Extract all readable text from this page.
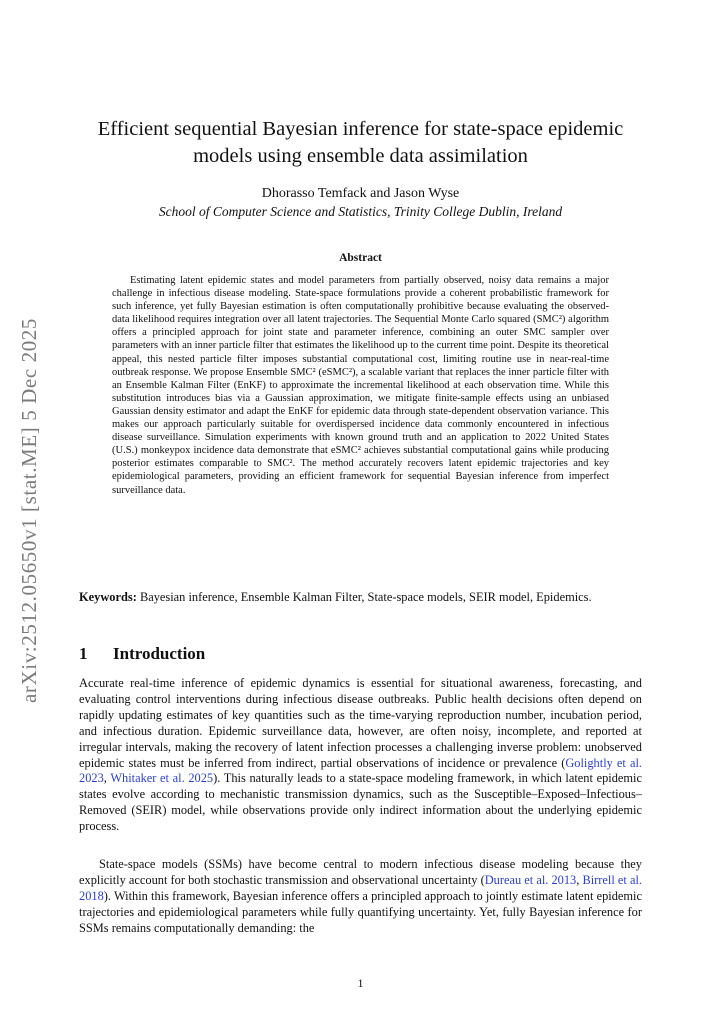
arXiv:2512.05650v1 [stat.ME] 5 Dec 2025
Efficient sequential Bayesian inference for state-space epidemic models using ensemble data assimilation
Dhorasso Temfack and Jason Wyse
School of Computer Science and Statistics, Trinity College Dublin, Ireland
Abstract

Estimating latent epidemic states and model parameters from partially observed, noisy data remains a major challenge in infectious disease modeling. State-space formulations provide a coherent probabilistic framework for such inference, yet fully Bayesian estimation is often computationally prohibitive because evaluating the observed-data likelihood requires integration over all latent trajectories. The Sequential Monte Carlo squared (SMC²) algorithm offers a principled approach for joint state and parameter inference, combining an outer SMC sampler over parameters with an inner particle filter that estimates the likelihood up to the current time point. Despite its theoretical appeal, this nested particle filter imposes substantial computational cost, limiting routine use in near-real-time outbreak response. We propose Ensemble SMC² (eSMC²), a scalable variant that replaces the inner particle filter with an Ensemble Kalman Filter (EnKF) to approximate the incremental likelihood at each observation time. While this substitution introduces bias via a Gaussian approximation, we mitigate finite-sample effects using an unbiased Gaussian density estimator and adapt the EnKF for epidemic data through state-dependent observation variance. This makes our approach particularly suitable for overdispersed incidence data commonly encountered in infectious disease surveillance. Simulation experiments with known ground truth and an application to 2022 United States (U.S.) monkeypox incidence data demonstrate that eSMC² achieves substantial computational gains while producing posterior estimates comparable to SMC². The method accurately recovers latent epidemic trajectories and key epidemiological parameters, providing an efficient framework for sequential Bayesian inference from imperfect surveillance data.

Keywords: Bayesian inference, Ensemble Kalman Filter, State-space models, SEIR model, Epidemics.

1 Introduction

Accurate real-time inference of epidemic dynamics is essential for situational awareness, forecasting, and evaluating control interventions during infectious disease outbreaks. Public health decisions often depend on rapidly updating estimates of key quantities such as the time-varying reproduction number, incubation period, and infectious duration. Epidemic surveillance data, however, are often noisy, incomplete, and reported at irregular intervals, making the recovery of latent infection processes a challenging inverse problem: unobserved epidemic states must be inferred from indirect, partial observations of incidence or prevalence (Golightly et al. 2023, Whitaker et al. 2025). This naturally leads to a state-space modeling framework, in which latent epidemic states evolve according to mechanistic transmission dynamics, such as the Susceptible–Exposed–Infectious–Removed (SEIR) model, while observations provide only indirect information about the underlying epidemic process.

State-space models (SSMs) have become central to modern infectious disease modeling because they explicitly account for both stochastic transmission and observational uncertainty (Dureau et al. 2013, Birrell et al. 2018). Within this framework, Bayesian inference offers a principled approach to jointly estimate latent epidemic trajectories and epidemiological parameters while fully quantifying uncertainty. Yet, fully Bayesian inference for SSMs remains computationally demanding: the

1
